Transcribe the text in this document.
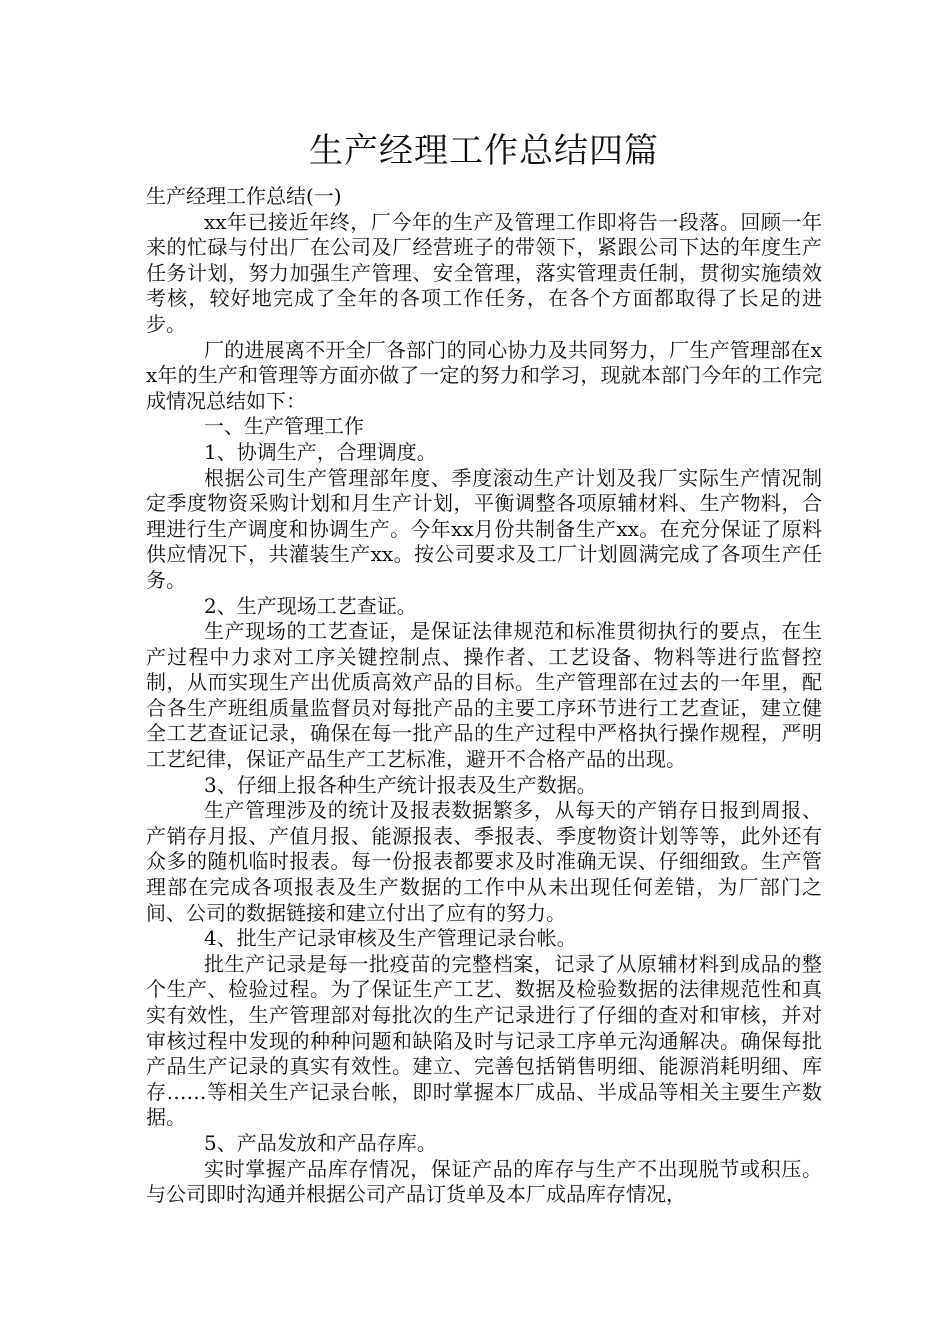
生产经理工作总结四篇
生产经理工作总结(一)

xx年已接近年终，厂今年的生产及管理工作即将告一段落。回顾一年来的忙碌与付出厂在公司及厂经营班子的带领下，紧跟公司下达的年度生产任务计划，努力加强生产管理、安全管理，落实管理责任制，贯彻实施绩效考核，较好地完成了全年的各项工作任务，在各个方面都取得了长足的进步。

厂的进展离不开全厂各部门的同心协力及共同努力，厂生产管理部在xx年的生产和管理等方面亦做了一定的努力和学习，现就本部门今年的工作完成情况总结如下：

一、生产管理工作

1、协调生产，合理调度。

根据公司生产管理部年度、季度滚动生产计划及我厂实际生产情况制定季度物资采购计划和月生产计划，平衡调整各项原辅材料、生产物料，合理进行生产调度和协调生产。今年xx月份共制备生产xx。在充分保证了原料供应情况下，共灌装生产xx。按公司要求及工厂计划圆满完成了各项生产任务。

2、生产现场工艺查证。

生产现场的工艺查证，是保证法律规范和标准贯彻执行的要点，在生产过程中力求对工序关键控制点、操作者、工艺设备、物料等进行监督控制，从而实现生产出优质高效产品的目标。生产管理部在过去的一年里，配合各生产班组质量监督员对每批产品的主要工序环节进行工艺查证，建立健全工艺查证记录，确保在每一批产品的生产过程中严格执行操作规程，严明工艺纪律，保证产品生产工艺标准，避开不合格产品的出现。

3、仔细上报各种生产统计报表及生产数据。

生产管理涉及的统计及报表数据繁多，从每天的产销存日报到周报、产销存月报、产值月报、能源报表、季报表、季度物资计划等等，此外还有众多的随机临时报表。每一份报表都要求及时准确无误、仔细细致。生产管理部在完成各项报表及生产数据的工作中从未出现任何差错，为厂部门之间、公司的数据链接和建立付出了应有的努力。

4、批生产记录审核及生产管理记录台帐。

批生产记录是每一批疫苗的完整档案，记录了从原辅材料到成品的整个生产、检验过程。为了保证生产工艺、数据及检验数据的法律规范性和真实有效性，生产管理部对每批次的生产记录进行了仔细的查对和审核，并对审核过程中发现的种种问题和缺陷及时与记录工序单元沟通解决。确保每批产品生产记录的真实有效性。建立、完善包括销售明细、能源消耗明细、库存……等相关生产记录台帐，即时掌握本厂成品、半成品等相关主要生产数据。

5、产品发放和产品存库。

实时掌握产品库存情况，保证产品的库存与生产不出现脱节或积压。与公司即时沟通并根据公司产品订货单及本厂成品库存情况，
